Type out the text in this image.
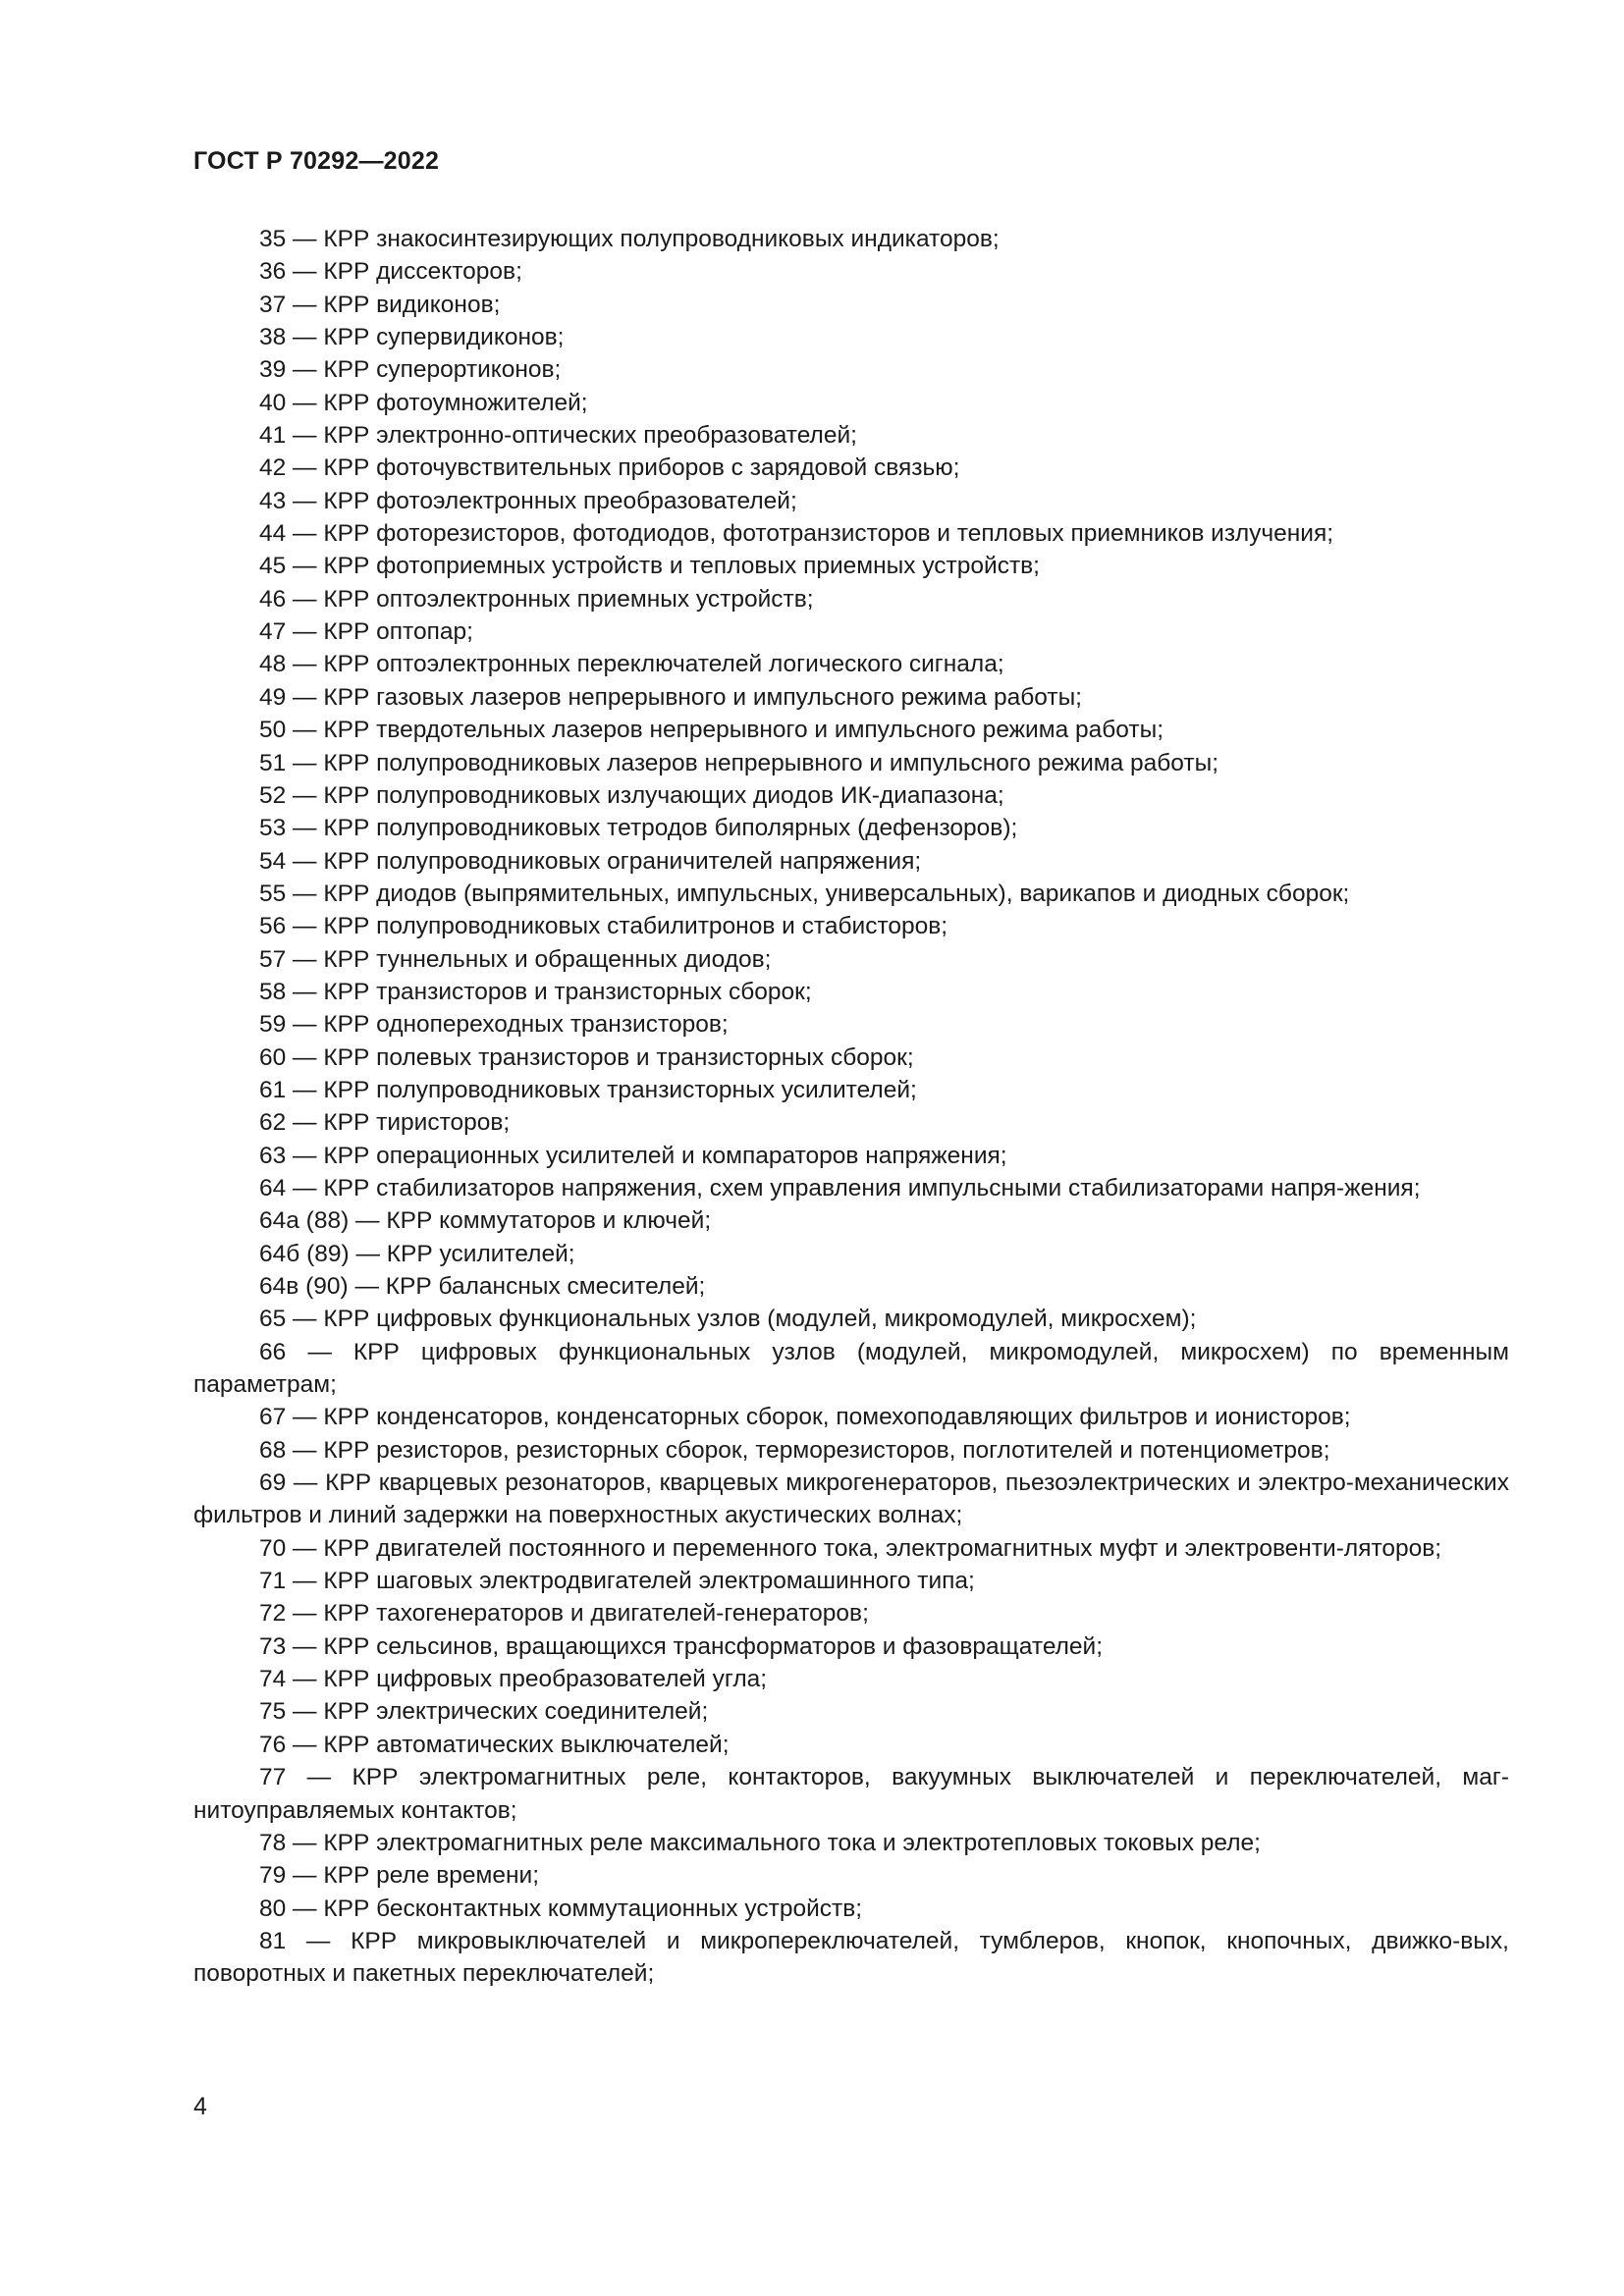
ГОСТ Р 70292—2022

35 — КРР знакосинтезирующих полупроводниковых индикаторов;

36 — КРР диссекторов;

37 — КРР видиконов;

38 — КРР супервидиконов;

39 — КРР суперортиконов;

40 — КРР фотоумножителей;

41 — КРР электронно-оптических преобразователей;

42 — КРР фоточувствительных приборов с зарядовой связью;

43 — КРР фотоэлектронных преобразователей;

44 — КРР фоторезисторов, фотодиодов, фототранзисторов и тепловых приемников излучения;

45 — КРР фотоприемных устройств и тепловых приемных устройств;

46 — КРР оптоэлектронных приемных устройств;

47 — КРР оптопар;

48 — КРР оптоэлектронных переключателей логического сигнала;

49 — КРР газовых лазеров непрерывного и импульсного режима работы;

50 — КРР твердотельных лазеров непрерывного и импульсного режима работы;

51 — КРР полупроводниковых лазеров непрерывного и импульсного режима работы;

52 — КРР полупроводниковых излучающих диодов ИК-диапазона;

53 — КРР полупроводниковых тетродов биполярных (дефензоров);

54 — КРР полупроводниковых ограничителей напряжения;

55 — КРР диодов (выпрямительных, импульсных, универсальных), варикапов и диодных сборок;

56 — КРР полупроводниковых стабилитронов и стабисторов;

57 — КРР туннельных и обращенных диодов;

58 — КРР транзисторов и транзисторных сборок;

59 — КРР однопереходных транзисторов;

60 — КРР полевых транзисторов и транзисторных сборок;

61 — КРР полупроводниковых транзисторных усилителей;

62 — КРР тиристоров;

63 — КРР операционных усилителей и компараторов напряжения;

64 — КРР стабилизаторов напряжения, схем управления импульсными стабилизаторами напря-жения;

64а (88) — КРР коммутаторов и ключей;

64б (89) — КРР усилителей;

64в (90) — КРР балансных смесителей;

65 — КРР цифровых функциональных узлов (модулей, микромодулей, микросхем);

66 — КРР цифровых функциональных узлов (модулей, микромодулей, микросхем) по временным параметрам;

67 — КРР конденсаторов, конденсаторных сборок, помехоподавляющих фильтров и ионисторов;

68 — КРР резисторов, резисторных сборок, терморезисторов, поглотителей и потенциометров;

69 — КРР кварцевых резонаторов, кварцевых микрогенераторов, пьезоэлектрических и электро-механических фильтров и линий задержки на поверхностных акустических волнах;

70 — КРР двигателей постоянного и переменного тока, электромагнитных муфт и электровенти-ляторов;

71 — КРР шаговых электродвигателей электромашинного типа;

72 — КРР тахогенераторов и двигателей-генераторов;

73 — КРР сельсинов, вращающихся трансформаторов и фазовращателей;

74 — КРР цифровых преобразователей угла;

75 — КРР электрических соединителей;

76 — КРР автоматических выключателей;

77 — КРР электромагнитных реле, контакторов, вакуумных выключателей и переключателей, маг-нитоуправляемых контактов;

78 — КРР электромагнитных реле максимального тока и электротепловых токовых реле;

79 — КРР реле времени;

80 — КРР бесконтактных коммутационных устройств;

81 — КРР микровыключателей и микропереключателей, тумблеров, кнопок, кнопочных, движко-вых, поворотных и пакетных переключателей;

4
